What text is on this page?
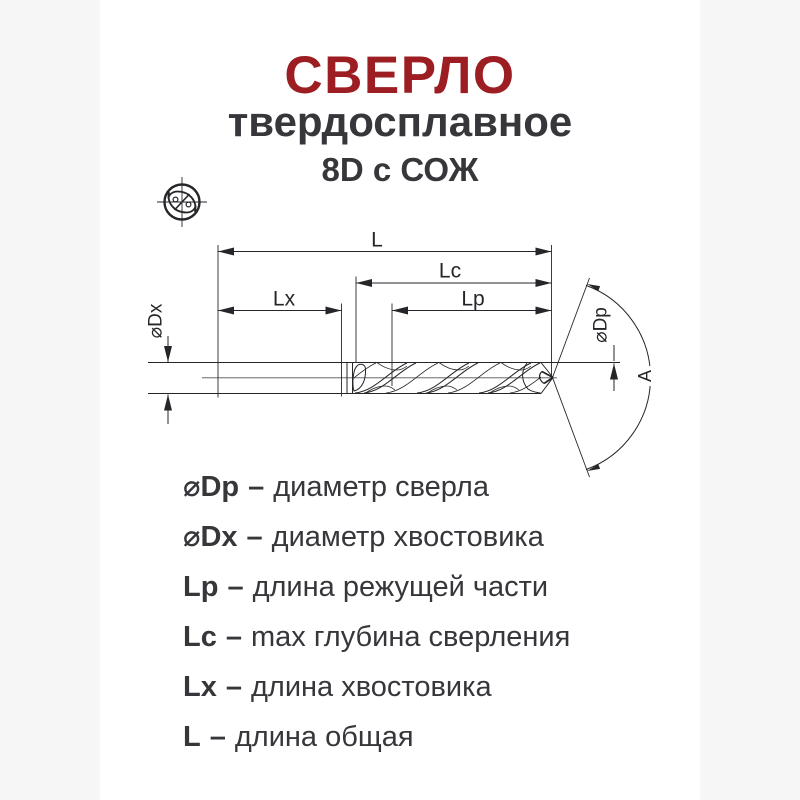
СВЕРЛО
твердосплавное
8D с СОЖ
L
Lc
Lp
Lx
⌀Dx	⌀Dp
A
⌀Dp – диаметр сверла
⌀Dx – диаметр хвостовика
Lp – длина режущей части
Lc – max глубина сверления
Lx – длина хвостовика
L – длина общая
